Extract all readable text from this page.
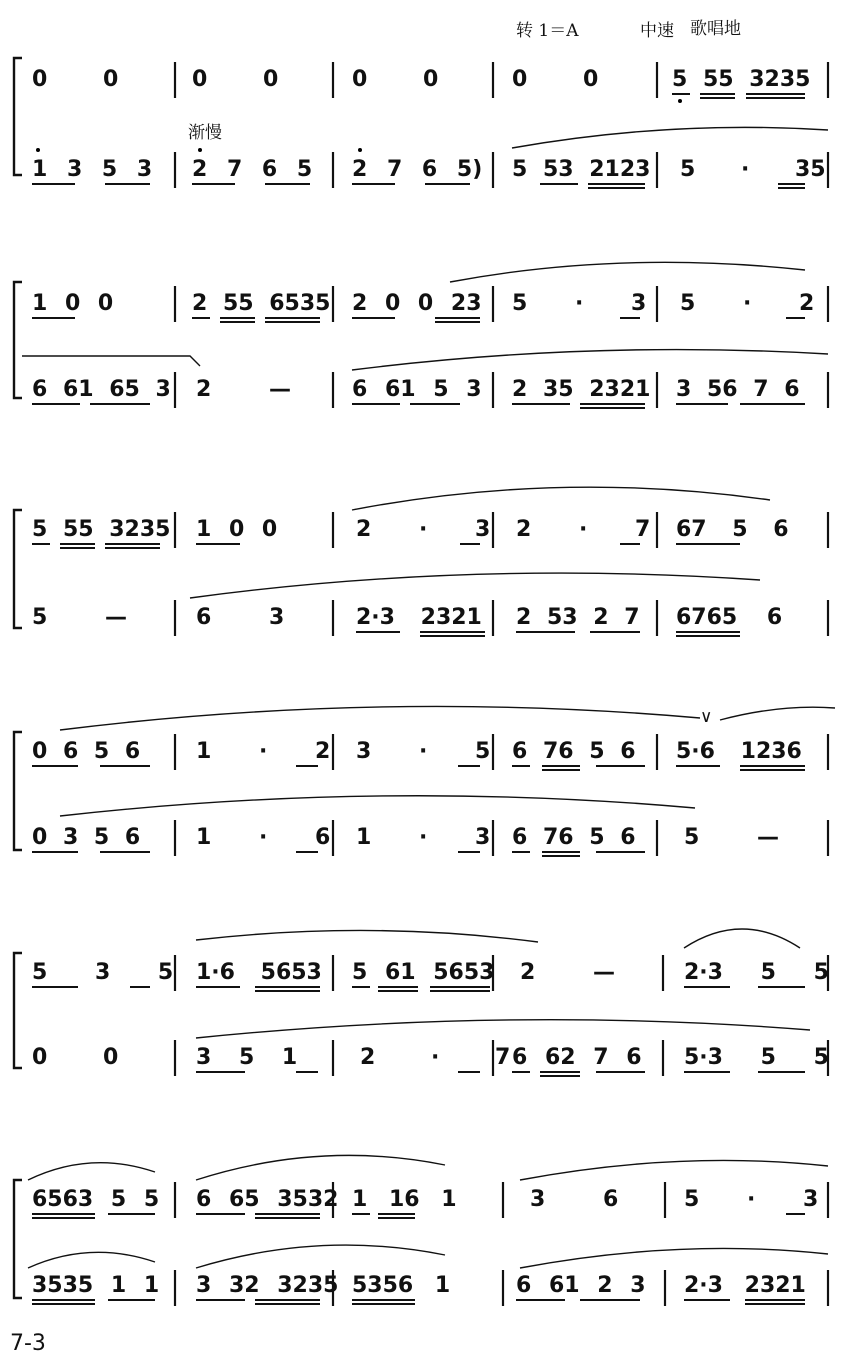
转 1＝A	中速 歌唱地
渐慢
7-3
0 0	0 0	0 0	0 0	5 55 3235
1 3 5 3 2 7 6 5 2 7 6 5) 5 53 2123 5 · 35
1 0 0	2 55 6535 2 0 0 23 5 · 3 5 · 2
6 61 65 3 2 —	6 61 5 3 2 35 2321 3 56 7 6
5 55 3235 1 0 0	2 · 3 2 · 7 67 5 6
5 —	6 3	2·3 2321 2 53 2 7 6765 6
0 6 5 6	1 · 2 3 · 5 6 76 5 6 5·6 1236
∨
0 3 5 6	1 · 6 1 · 3 6 76 5 6 5 —
5 3 5 1·6 5653 5 61 5653 2 —	2·3 5 5
0 0	3 5 1	2 · 7 6 62 7 6 5·3 5 5
6563 5 5 6 65 3532 1 16 1	3 6	5 · 3
3535 1 1 3 32 3235 5356 1	6 61 2 3 2·3 2321
